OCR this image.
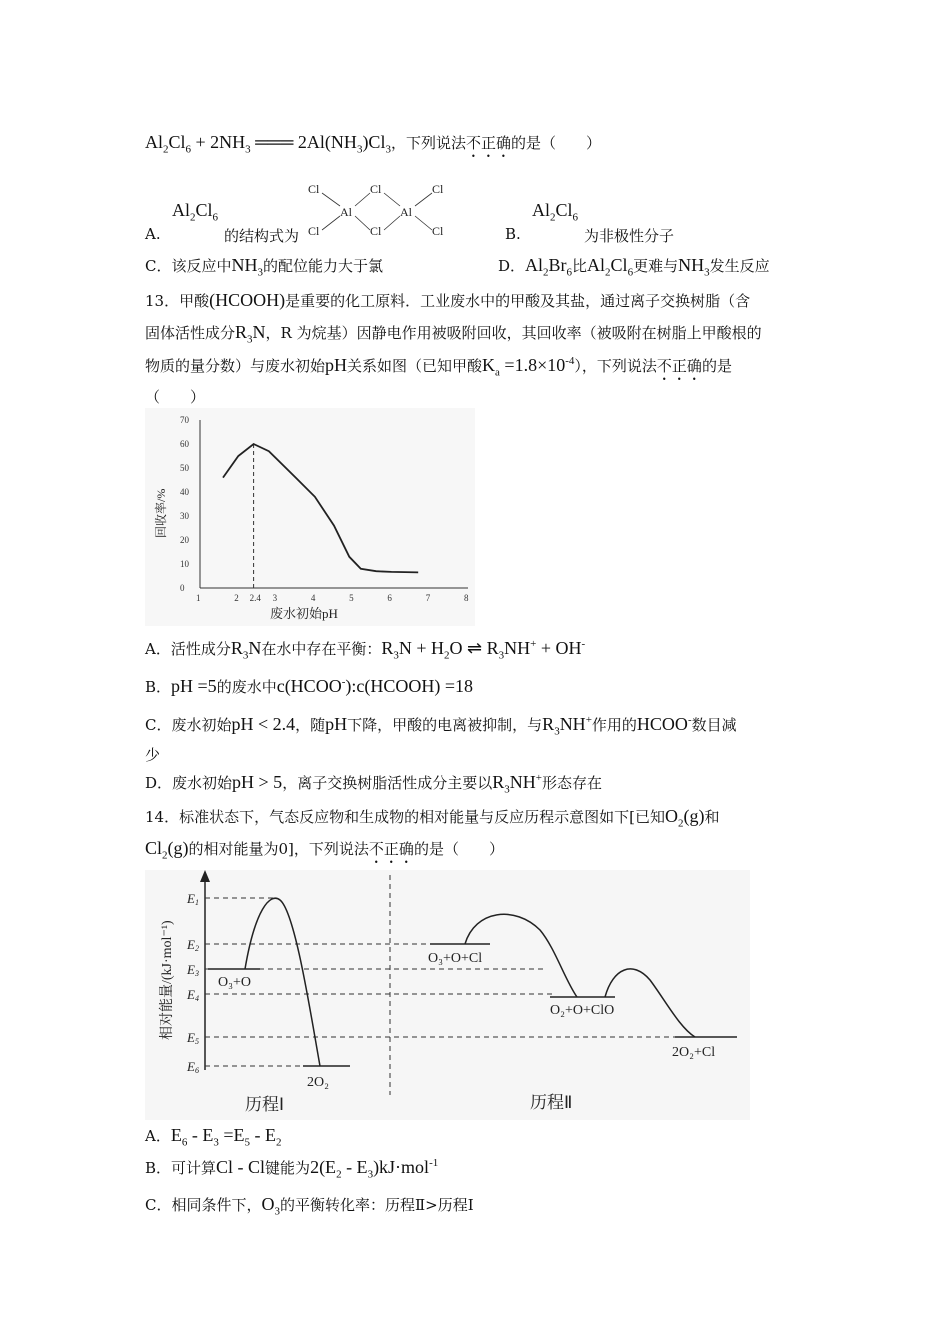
$Al_2Cl_6 + 2NH_3$ ═══ $2Al(NH_3)Cl_3$，下列说法不正确的是（　　）
Cl	Cl	Cl
Al	Al
Cl	Cl	Cl
A.
$Al_2Cl_6$
的结构式为	B.
$Al_2Cl_6$
为非极性分子
C．该反应中$NH_3$的配位能力大于氯	D．$Al_2Br_6$比$Al_2Cl_6$更难与$NH_3$发生反应
13．甲酸(HCOOH)是重要的化工原料．工业废水中的甲酸及其盐，通过离子交换树脂（含
固体活性成分$R_3N$，R 为烷基）因静电作用被吸附回收，其回收率（被吸附在树脂上甲酸根的
物质的量分数）与废水初始pH关系如图（已知甲酸$K_a =1.8\times 10^{-4}$），下列说法不正确的是
（　　）
0
10
20
30
40
50
60
70
1	2 2.4 3	4	5	6	7	8
废水初始pH
回收率/%
A．活性成分$R_3N$在水中存在平衡：$R_3N + H_2O$ ⇌ $R_3NH^+ + OH^-$
B．pH =5的废水中c(HCOO-):c(HCOOH) =18
C．废水初始pH < 2.4，随pH下降，甲酸的电离被抑制，与$R_3NH^+$作用的HCOO-数目减
少
D．废水初始pH > 5，离子交换树脂活性成分主要以$R_3NH^+$形态存在
14．标准状态下，气态反应物和生成物的相对能量与反应历程示意图如下[已知$O_2(g)$和
$Cl_2(g)$的相对能量为0]，下列说法不正确的是（　　）
相对能量/(kJ·mol⁻¹)
E1
E2
E3
E4
E5
E6
O₃+O
2O₂
O₃+O+Cl
O₂+O+ClO
2O₂+Cl
历程Ⅰ	历程Ⅱ
A．$E_6 - E_3 =E_5 - E_2$
B．可计算Cl - Cl键能为$2(E_2 - E_3)kJ\cdot mol^{-1}$
C．相同条件下，$O_3$的平衡转化率：历程Ⅱ>历程Ⅰ
